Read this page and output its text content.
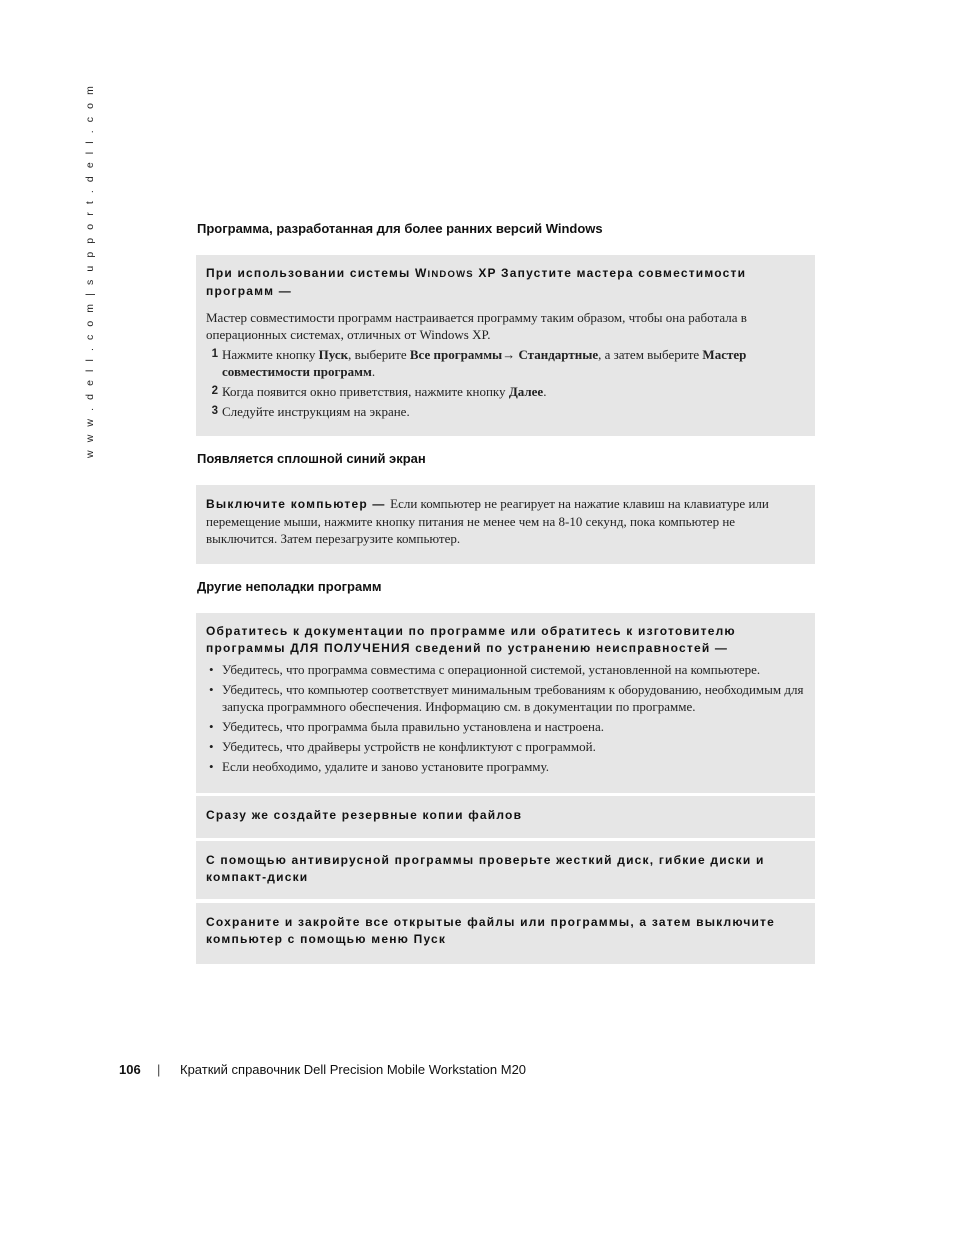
w w w . d e l l . c o m | s u p p o r t . d e l l . c o m	Программа, разработанная для более ранних версий Windows
При использовании системы WINDOWS XP Запустите мастера совместимости программ —
Мастер совместимости программ настраивается программу таким образом, чтобы она работала в операционных системах, отличных от Windows XP.
1 Нажмите кнопку Пуск, выберите Все программы→ Стандартные, а затем выберите Мастер совместимости программ.
2 Когда появится окно приветствия, нажмите кнопку Далее.
3 Следуйте инструкциям на экране.
Появляется сплошной синий экран
Выключите компьютер — Если компьютер не реагирует на нажатие клавиш на клавиатуре или перемещение мыши, нажмите кнопку питания не менее чем на 8-10 секунд, пока компьютер не выключится. Затем перезагрузите компьютер.
Другие неполадки программ
Обратитесь к документации по программе или обратитесь к изготовителю программы ДЛЯ ПОЛУЧЕНИЯ сведений по устранению неисправностей —
• Убедитесь, что программа совместима с операционной системой, установленной на компьютере.
• Убедитесь, что компьютер соответствует минимальным требованиям к оборудованию, необходимым для запуска программного обеспечения. Информацию см. в документации по программе.
• Убедитесь, что программа была правильно установлена и настроена.
• Убедитесь, что драйверы устройств не конфликтуют с программой.
• Если необходимо, удалите и заново установите программу.
Сразу же создайте резервные копии файлов
С помощью антивирусной программы проверьте жесткий диск, гибкие диски и компакт-диски
Сохраните и закройте все открытые файлы или программы, а затем выключите компьютер с помощью меню Пуск
106 | Краткий справочник Dell Precision Mobile Workstation M20
